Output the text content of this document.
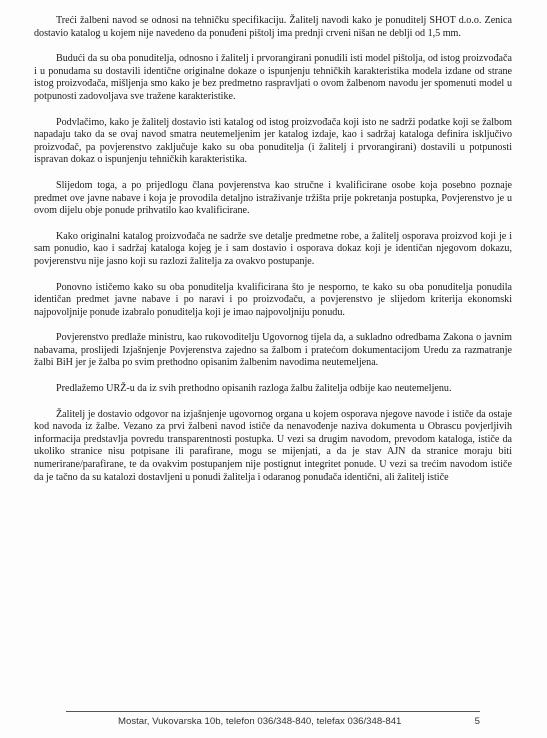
Treći žalbeni navod se odnosi na tehničku specifikaciju. Žalitelj navodi kako je ponuditelj SHOT d.o.o. Zenica dostavio katalog u kojem nije navedeno da ponuđeni pištolj ima prednji crveni nišan ne deblji od 1,5 mm.

Budući da su oba ponuditelja, odnosno i žalitelj i prvorangirani ponudili isti model pištolja, od istog proizvođača i u ponudama su dostavili identične originalne dokaze o ispunjenju tehničkih karakteristika modela izdane od strane istog proizvođača, mišljenja smo kako je bez predmetno raspravljati o ovom žalbenom navodu jer spomenuti model u potpunosti zadovoljava sve tražene karakteristike.

Podvlačimo, kako je žalitelj dostavio isti katalog od istog proizvođača koji isto ne sadrži podatke koji se žalbom napadaju tako da se ovaj navod smatra neutemeljenim jer katalog izdaje, kao i sadržaj kataloga definira isključivo proizvođač, pa povjerenstvo zaključuje kako su oba ponuditelja (i žalitelj i prvorangirani) dostavili u potpunosti ispravan dokaz o ispunjenju tehničkih karakteristika.

Slijedom toga, a po prijedlogu člana povjerenstva kao stručne i kvalificirane osobe koja posebno poznaje predmet ove javne nabave i koja je provodila detaljno istraživanje tržišta prije pokretanja postupka, Povjerenstvo je u ovom dijelu obje ponude prihvatilo kao kvalificirane.

Kako originalni katalog proizvođača ne sadrže sve detalje predmetne robe, a žalitelj osporava proizvod koji je i sam ponudio, kao i sadržaj kataloga kojeg je i sam dostavio i osporava dokaz koji je identičan njegovom dokazu, povjerenstvu nije jasno koji su razlozi žalitelja za ovakvo postupanje.

Ponovno ističemo kako su oba ponuditelja kvalificirana što je nesporno, te kako su oba ponuditelja ponudila identičan predmet javne nabave i po naravi i po proizvođaču, a povjerenstvo je slijedom kriterija ekonomski najpovoljnije ponude izabralo ponuditelja koji je imao najpovoljniju ponudu.

Povjerenstvo predlaže ministru, kao rukovoditelju Ugovornog tijela da, a sukladno odredbama Zakona o javnim nabavama, proslijedi Izjašnjenje Povjerenstva zajedno sa žalbom i pratećom dokumentacijom Uredu za razmatranje žalbi BiH jer je žalba po svim prethodno opisanim žalbenim navodima neutemeljena.

Predlažemo URŽ-u da iz svih prethodno opisanih razloga žalbu žalitelja odbije kao neutemeljenu.

Žalitelj je dostavio odgovor na izjašnjenje ugovornog organa u kojem osporava njegove navode i ističe da ostaje kod navoda iz žalbe. Vezano za prvi žalbeni navod ističe da nenavođenje naziva dokumenta u Obrascu povjerljivih informacija predstavlja povredu transparentnosti postupka. U vezi sa drugim navodom, prevodom kataloga, ističe da ukoliko stranice nisu potpisane ili parafirane, mogu se mijenjati, a da je stav AJN da stranice moraju biti numerirane/parafirane, te da ovakvim postupanjem nije postignut integritet ponude. U vezi sa trećim navodom ističe da je tačno da su katalozi dostavljeni u ponudi žalitelja i odaranog ponuđača identični, ali žalitelj ističe

Mostar, Vukovarska 10b, telefon 036/348-840, telefax 036/348-841	5
